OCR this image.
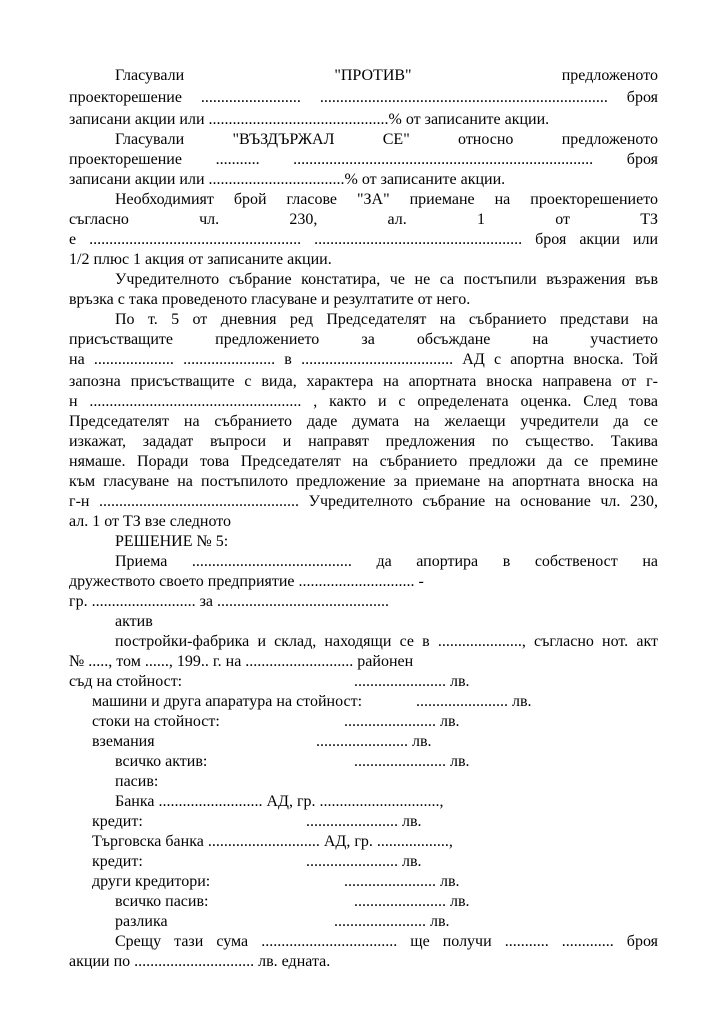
Гласували "ПРОТИВ" предложеното
проекторешение ......................... ........................................................................ броя
записани акции или .............................................% от записаните акции.
Гласували "ВЪЗДЪРЖАЛ СЕ" относно предложеното
проекторешение ........... ........................................................................... броя
записани акции или ..................................% от записаните акции.
Необходимият брой гласове "ЗА" приемане на проекторешението
съгласно чл. 230, ал. 1 от ТЗ
е ..................................................... .................................................... броя акции или
1/2 плюс 1 акция от записаните акции.
Учредителното събрание констатира, че не са постъпили възражения във
връзка с така проведеното гласуване и резултатите от него.
По т. 5 от дневния ред Председателят на събранието представи на
присъстващите предложението за обсъждане на участието
на .................... ....................... в ...................................... АД с апортна вноска. Той
запозна присъстващите с вида, характера на апортната вноска направена от г-
н ..................................................... , както и с определената оценка. След това
Председателят на събранието даде думата на желаещи учредители да се
изкажат, зададат въпроси и направят предложения по същество. Такива
нямаше. Поради това Председателят на събранието предложи да се премине
към гласуване на постъпилото предложение за приемане на апортната вноска на
г-н .................................................. Учредителното събрание на основание чл. 230,
ал. 1 от ТЗ взе следното
РЕШЕНИЕ № 5:
Приема ........................................ да апортира в собственост на
дружеството своето предприятие ............................. -
гр. .......................... за ...........................................
актив
постройки-фабрика и склад, находящи се в ....................., съгласно нот. акт
№ ....., том ......, 199.. г. на ........................... районен
съд на стойност:	....................... лв.
машини и друга апаратура на стойност:	....................... лв.
стоки на стойност:	....................... лв.
вземания	....................... лв.
всичко актив:	....................... лв.
пасив:
Банка .......................... АД, гр. ..............................,
кредит:	....................... лв.
Търговска банка ............................ АД, гр. ..................,
кредит:	....................... лв.
други кредитори:	....................... лв.
всичко пасив:	....................... лв.
разлика	....................... лв.
Срещу тази сума .................................. ще получи ........... ............. броя
акции по .............................. лв. едната.
